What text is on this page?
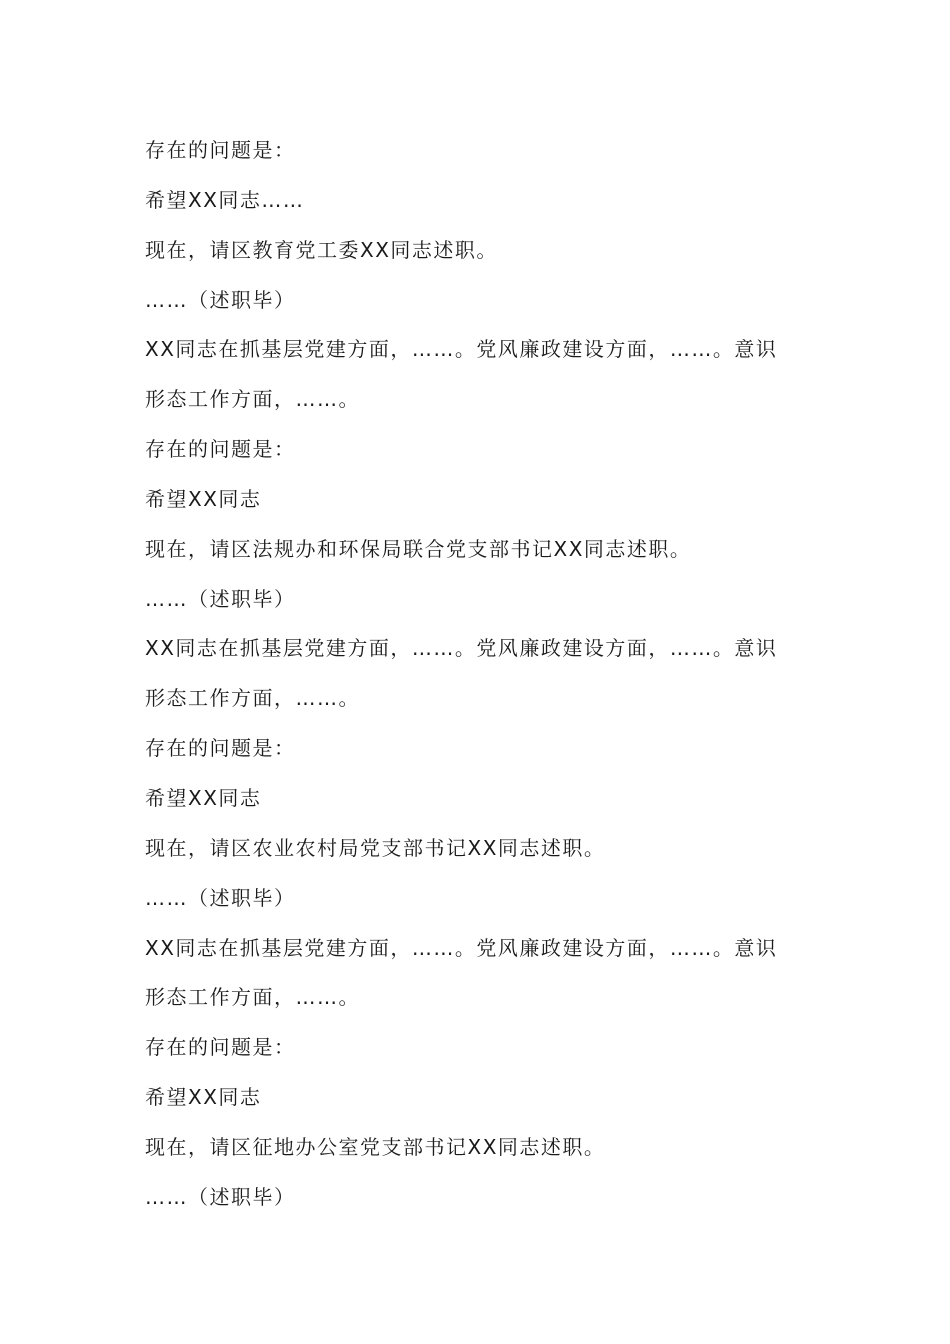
存在的问题是：
希望XX同志……
现在，请区教育党工委XX同志述职。
……（述职毕）
XX同志在抓基层党建方面，……。党风廉政建设方面，……。意识
形态工作方面，……。
存在的问题是：
希望XX同志
现在，请区法规办和环保局联合党支部书记XX同志述职。
……（述职毕）
XX同志在抓基层党建方面，……。党风廉政建设方面，……。意识
形态工作方面，……。
存在的问题是：
希望XX同志
现在，请区农业农村局党支部书记XX同志述职。
……（述职毕）
XX同志在抓基层党建方面，……。党风廉政建设方面，……。意识
形态工作方面，……。
存在的问题是：
希望XX同志
现在，请区征地办公室党支部书记XX同志述职。
……（述职毕）
